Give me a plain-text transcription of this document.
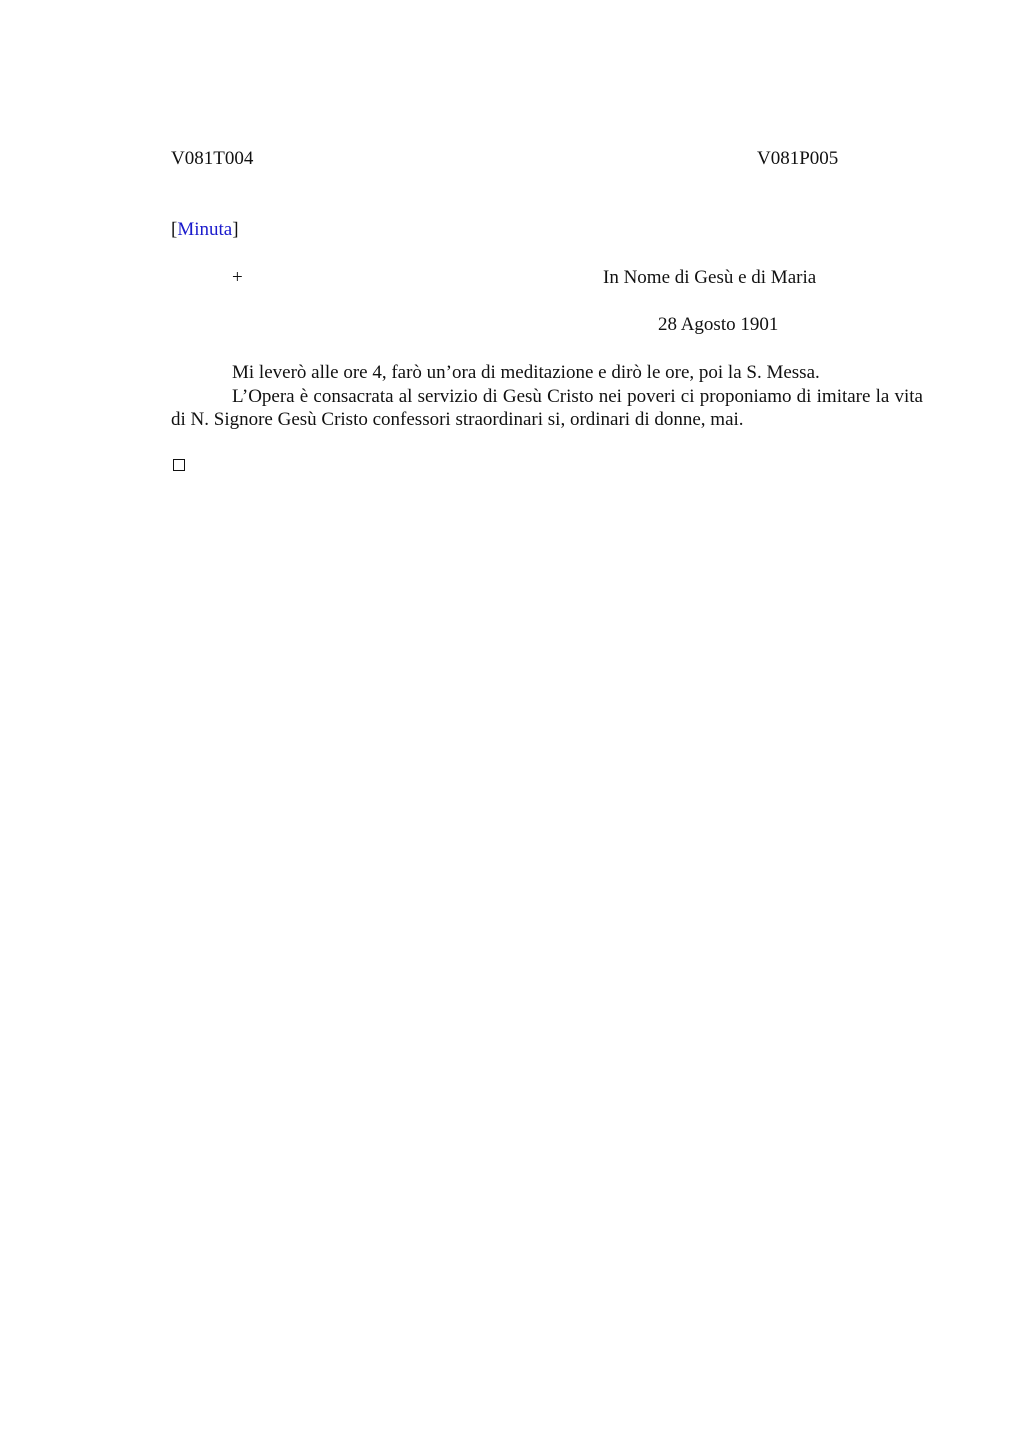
V081T004	V081P005
[Minuta]
+	In Nome di Gesù e di Maria
28 Agosto 1901

Mi leverò alle ore 4, farò un’ora di meditazione e dirò le ore, poi la S. Messa.

L’Opera è consacrata al servizio di Gesù Cristo nei poveri ci proponiamo di imitare la vita di N. Signore Gesù Cristo confessori straordinari si, ordinari di donne, mai.
